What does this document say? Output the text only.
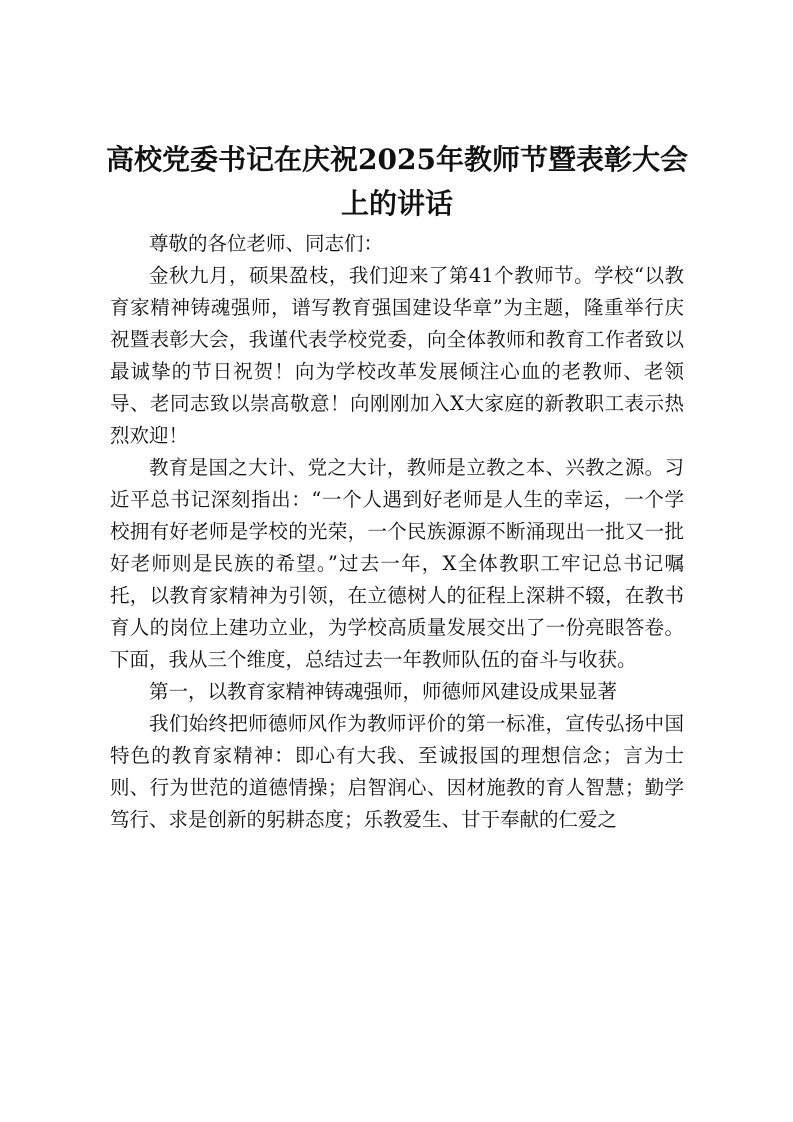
高校党委书记在庆祝2025年教师节暨表彰大会上的讲话

尊敬的各位老师、同志们：

金秋九月，硕果盈枝，我们迎来了第41个教师节。学校“以教育家精神铸魂强师，谱写教育强国建设华章”为主题，隆重举行庆祝暨表彰大会，我谨代表学校党委，向全体教师和教育工作者致以最诚挚的节日祝贺！向为学校改革发展倾注心血的老教师、老领导、老同志致以崇高敬意！向刚刚加入X大家庭的新教职工表示热烈欢迎！

教育是国之大计、党之大计，教师是立教之本、兴教之源。习近平总书记深刻指出：“一个人遇到好老师是人生的幸运，一个学校拥有好老师是学校的光荣，一个民族源源不断涌现出一批又一批好老师则是民族的希望。”过去一年，X全体教职工牢记总书记嘱托，以教育家精神为引领，在立德树人的征程上深耕不辍，在教书育人的岗位上建功立业，为学校高质量发展交出了一份亮眼答卷。下面，我从三个维度，总结过去一年教师队伍的奋斗与收获。

第一，以教育家精神铸魂强师，师德师风建设成果显著

我们始终把师德师风作为教师评价的第一标准，宣传弘扬中国特色的教育家精神：即心有大我、至诚报国的理想信念；言为士则、行为世范的道德情操；启智润心、因材施教的育人智慧；勤学笃行、求是创新的躬耕态度；乐教爱生、甘于奉献的仁爱之
